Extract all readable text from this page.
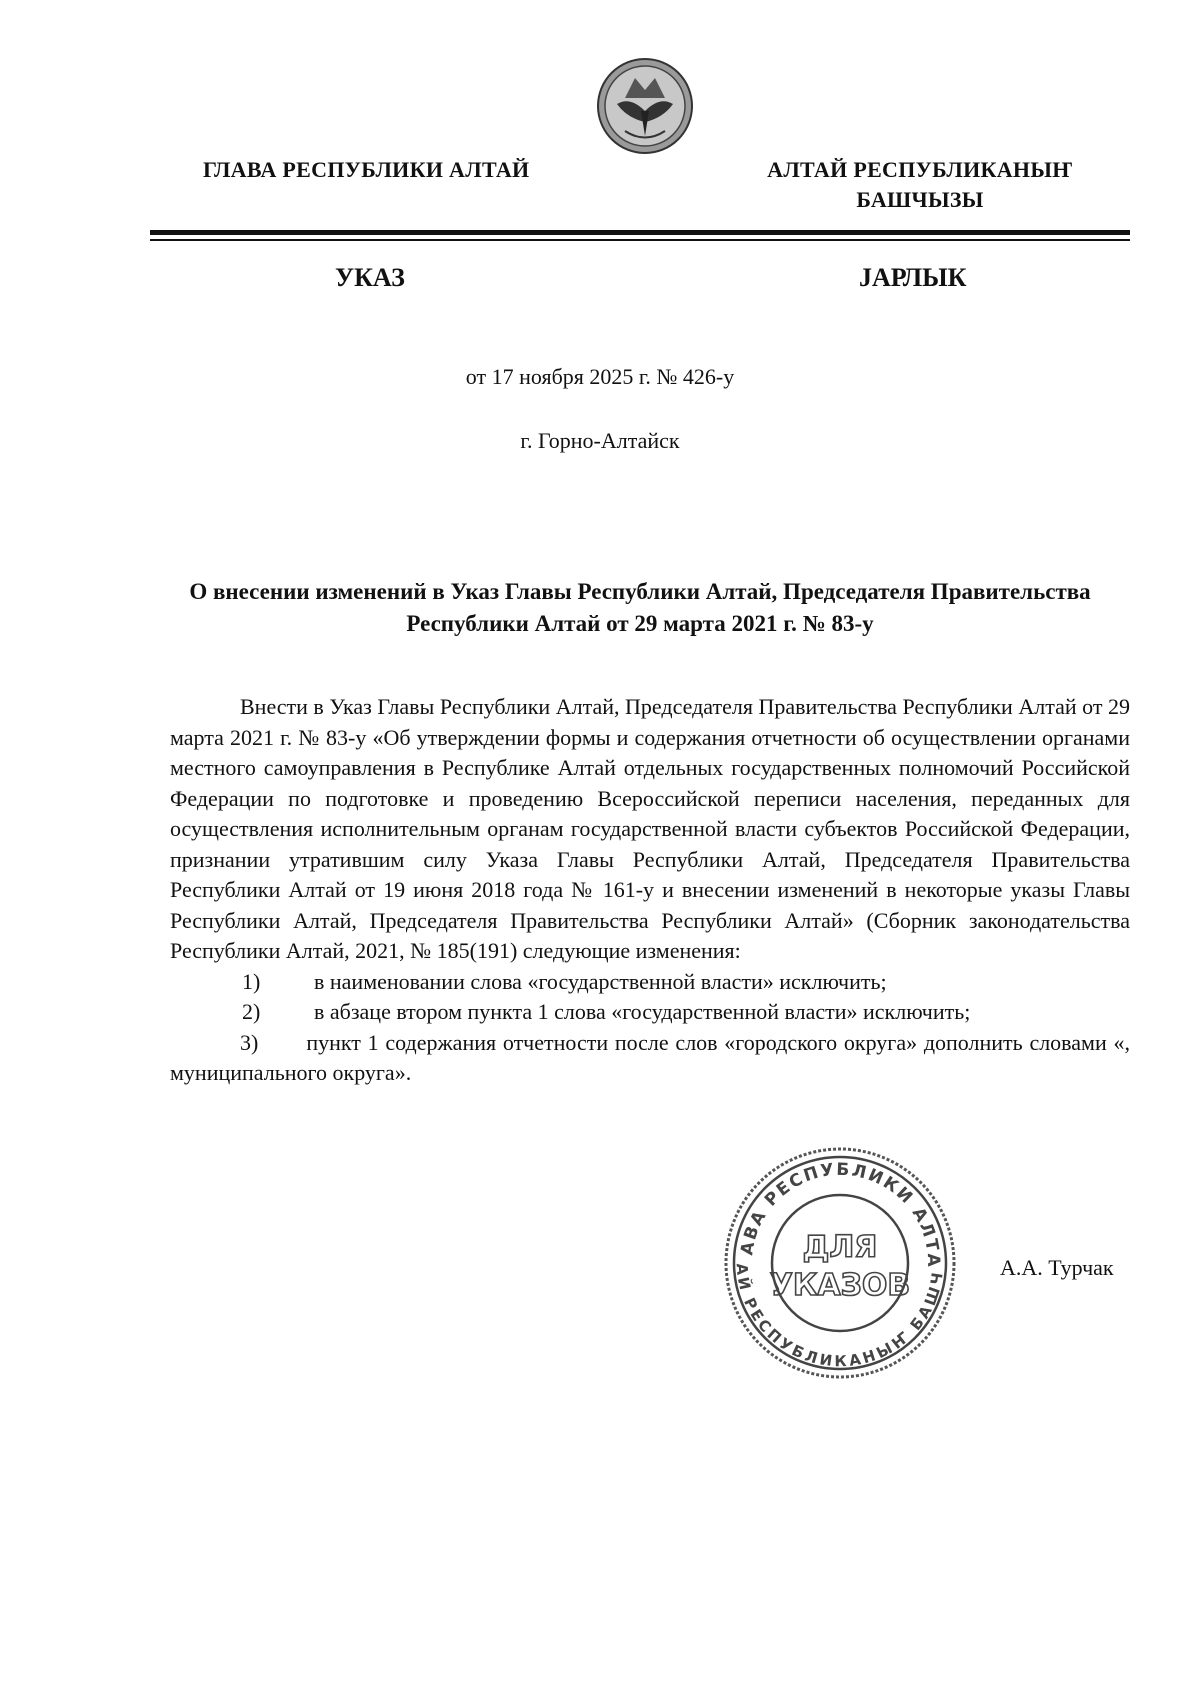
ГЛАВА РЕСПУБЛИКИ АЛТАЙ	АЛТАЙ РЕСПУБЛИКАНЫҤ
БАШЧЫЗЫ
УКАЗ	ЈАРЛЫК
от 17 ноября 2025 г. № 426-у
г. Горно-Алтайск
О внесении изменений в Указ Главы Республики Алтай, Председателя Правительства
Республики Алтай от 29 марта 2021 г. № 83-у

Внести в Указ Главы Республики Алтай, Председателя Правительства Республики Алтай от 29 марта 2021 г. № 83-у «Об утверждении формы и содержания отчетности об осуществлении органами местного самоуправления в Республике Алтай отдельных государственных полномочий Российской Федерации по подготовке и проведению Всероссийской переписи населения, переданных для осуществления исполнительным органам государственной власти субъектов Российской Федерации, признании утратившим силу Указа Главы Республики Алтай, Председателя Правительства Республики Алтай от 19 июня 2018 года № 161-у и внесении изменений в некоторые указы Главы Республики Алтай, Председателя Правительства Республики Алтай» (Сборник законодательства Республики Алтай, 2021, № 185(191) следующие изменения:

1)	в наименовании слова «государственной власти» исключить;
2)	в абзаце втором пункта 1 слова «государственной власти» исключить;

3) пункт 1 содержания отчетности после слов «городского округа» дополнить словами «, муниципального округа».

АВА РЕСПУБЛИКИ АЛТА
АЙ РЕСПУБЛИКАНЫҤ БАШЧ
ДЛЯ
УКАЗОВ
А.А. Турчак
